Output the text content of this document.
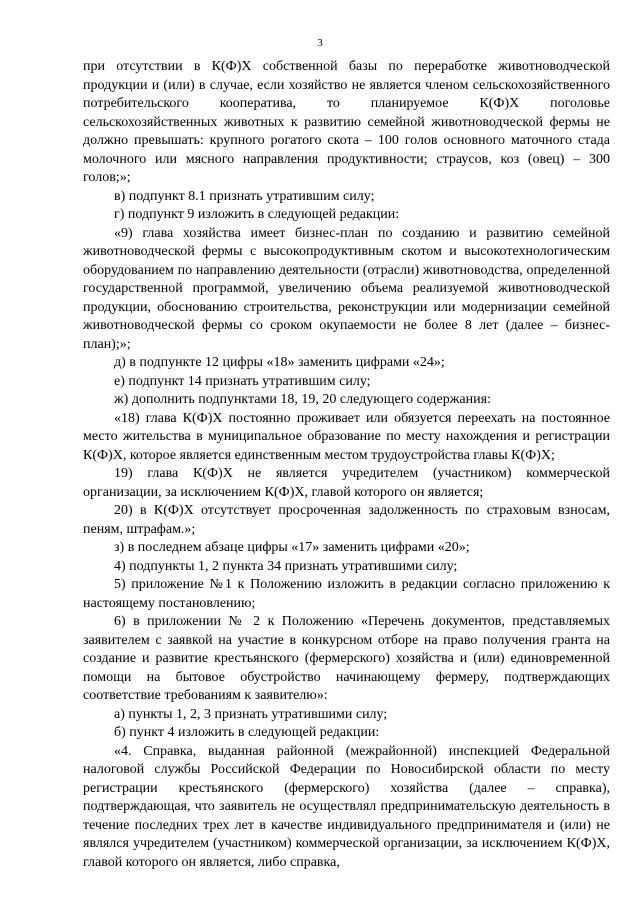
3

при отсутствии в К(Ф)Х собственной базы по переработке животноводческой продукции и (или) в случае, если хозяйство не является членом сельскохозяйственного потребительского кооператива, то планируемое К(Ф)Х поголовье сельскохозяйственных животных к развитию семейной животноводческой фермы не должно превышать: крупного рогатого скота – 100 голов основного маточного стада молочного или мясного направления продуктивности; страусов, коз (овец) – 300 голов;»;

в) подпункт 8.1 признать утратившим силу;

г) подпункт 9 изложить в следующей редакции:

«9) глава хозяйства имеет бизнес-план по созданию и развитию семейной животноводческой фермы с высокопродуктивным скотом и высокотехнологическим оборудованием по направлению деятельности (отрасли) животноводства, определенной государственной программой, увеличению объема реализуемой животноводческой продукции, обоснованию строительства, реконструкции или модернизации семейной животноводческой фермы со сроком окупаемости не более 8 лет (далее – бизнес-план);»;

д) в подпункте 12 цифры «18» заменить цифрами «24»;

е) подпункт 14 признать утратившим силу;

ж) дополнить подпунктами 18, 19, 20 следующего содержания:

«18) глава К(Ф)Х постоянно проживает или обязуется переехать на постоянное место жительства в муниципальное образование по месту нахождения и регистрации К(Ф)Х, которое является единственным местом трудоустройства главы К(Ф)Х;

19) глава К(Ф)Х не является учредителем (участником) коммерческой организации, за исключением К(Ф)Х, главой которого он является;

20) в К(Ф)Х отсутствует просроченная задолженность по страховым взносам, пеням, штрафам.»;

з) в последнем абзаце цифры «17» заменить цифрами «20»;

4) подпункты 1, 2 пункта 34 признать утратившими силу;

5) приложение №1 к Положению изложить в редакции согласно приложению к настоящему постановлению;

6) в приложении № 2 к Положению «Перечень документов, представляемых заявителем с заявкой на участие в конкурсном отборе на право получения гранта на создание и развитие крестьянского (фермерского) хозяйства и (или) единовременной помощи на бытовое обустройство начинающему фермеру, подтверждающих соответствие требованиям к заявителю»:

а) пункты 1, 2, 3 признать утратившими силу;

б) пункт 4 изложить в следующей редакции:

«4. Справка, выданная районной (межрайонной) инспекцией Федеральной налоговой службы Российской Федерации по Новосибирской области по месту регистрации крестьянского (фермерского) хозяйства (далее – справка), подтверждающая, что заявитель не осуществлял предпринимательскую деятельность в течение последних трех лет в качестве индивидуального предпринимателя и (или) не являлся учредителем (участником) коммерческой организации, за исключением К(Ф)Х, главой которого он является, либо справка,
